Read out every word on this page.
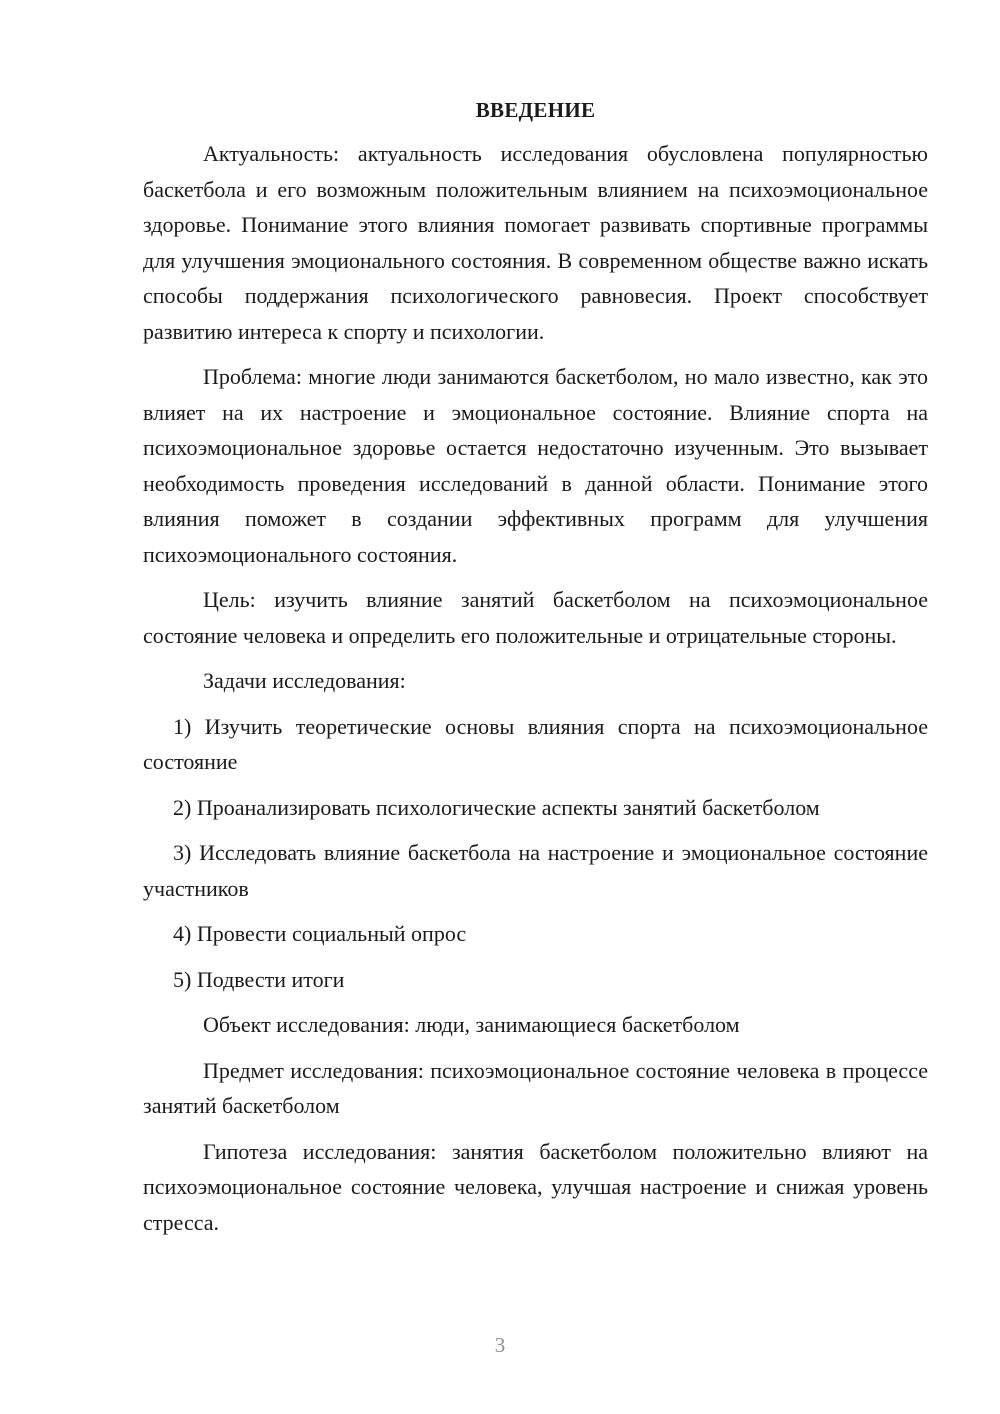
ВВЕДЕНИЕ

Актуальность: актуальность исследования обусловлена популярностью баскетбола и его возможным положительным влиянием на психоэмоциональное здоровье. Понимание этого влияния помогает развивать спортивные программы для улучшения эмоционального состояния. В современном обществе важно искать способы поддержания психологического равновесия. Проект способствует развитию интереса к спорту и психологии.

Проблема: многие люди занимаются баскетболом, но мало известно, как это влияет на их настроение и эмоциональное состояние. Влияние спорта на психоэмоциональное здоровье остается недостаточно изученным. Это вызывает необходимость проведения исследований в данной области. Понимание этого влияния поможет в создании эффективных программ для улучшения психоэмоционального состояния.

Цель: изучить влияние занятий баскетболом на психоэмоциональное состояние человека и определить его положительные и отрицательные стороны.

Задачи исследования:

1) Изучить теоретические основы влияния спорта на психоэмоциональное состояние

2) Проанализировать психологические аспекты занятий баскетболом

3) Исследовать влияние баскетбола на настроение и эмоциональное состояние участников

4) Провести социальный опрос

5) Подвести итоги

Объект исследования: люди, занимающиеся баскетболом

Предмет исследования: психоэмоциональное состояние человека в процессе занятий баскетболом

Гипотеза исследования: занятия баскетболом положительно влияют на психоэмоциональное состояние человека, улучшая настроение и снижая уровень стресса.

3
